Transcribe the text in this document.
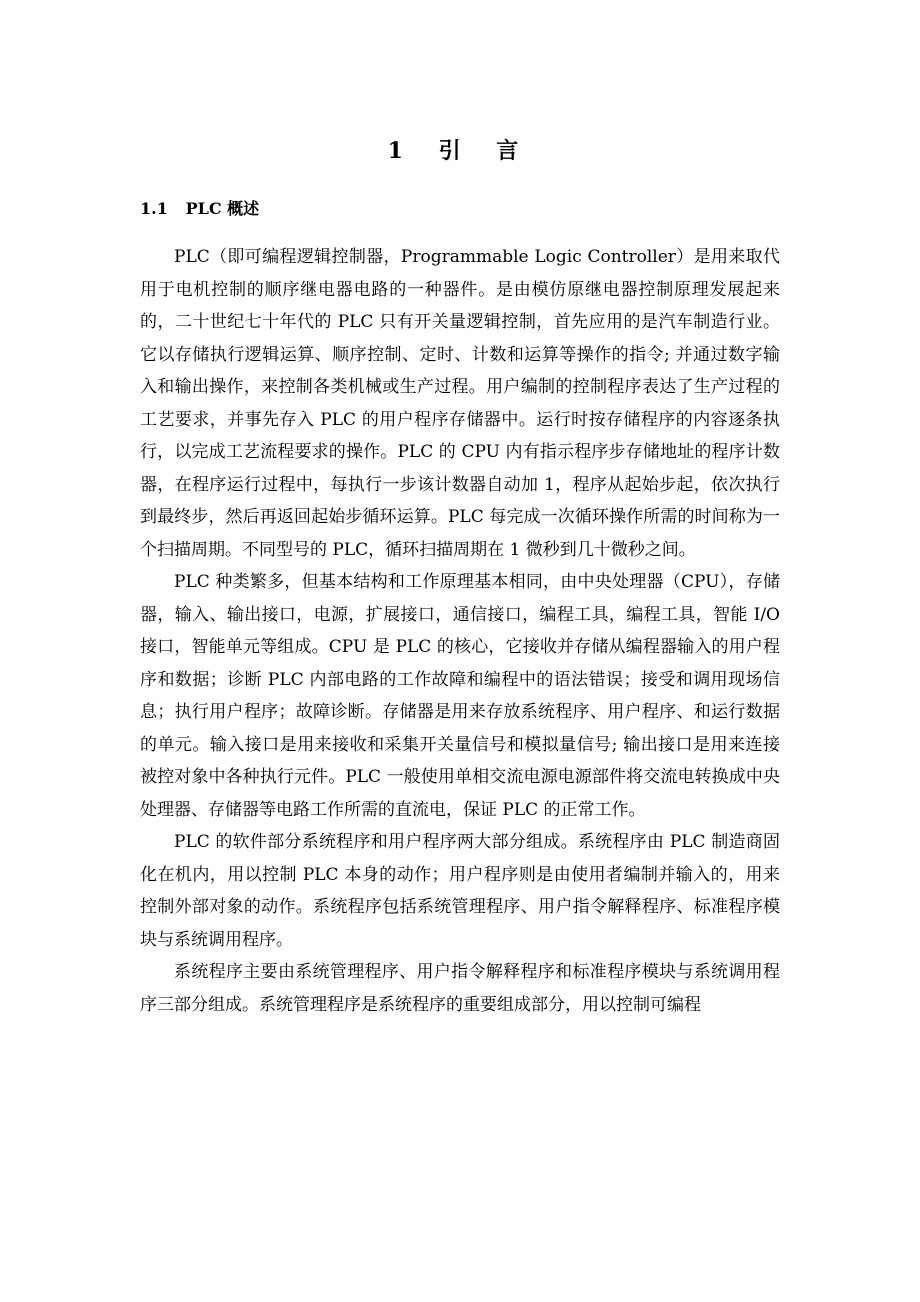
1 引 言
1.1 PLC 概述

PLC（即可编程逻辑控制器，Programmable Logic Controller）是用来取代用于电机控制的顺序继电器电路的一种器件。是由模仿原继电器控制原理发展起来的，二十世纪七十年代的 PLC 只有开关量逻辑控制，首先应用的是汽车制造行业。它以存储执行逻辑运算、顺序控制、定时、计数和运算等操作的指令; 并通过数字输入和输出操作，来控制各类机械或生产过程。用户编制的控制程序表达了生产过程的工艺要求，并事先存入 PLC 的用户程序存储器中。运行时按存储程序的内容逐条执行，以完成工艺流程要求的操作。PLC 的 CPU 内有指示程序步存储地址的程序计数器，在程序运行过程中，每执行一步该计数器自动加 1，程序从起始步起，依次执行到最终步，然后再返回起始步循环运算。PLC 每完成一次循环操作所需的时间称为一个扫描周期。不同型号的 PLC，循环扫描周期在 1 微秒到几十微秒之间。

PLC 种类繁多，但基本结构和工作原理基本相同，由中央处理器（CPU），存储器，输入、输出接口，电源，扩展接口，通信接口，编程工具，编程工具，智能 I/O 接口，智能单元等组成。CPU 是 PLC 的核心，它接收并存储从编程器输入的用户程序和数据；诊断 PLC 内部电路的工作故障和编程中的语法错误；接受和调用现场信息；执行用户程序；故障诊断。存储器是用来存放系统程序、用户程序、和运行数据的单元。输入接口是用来接收和采集开关量信号和模拟量信号; 输出接口是用来连接被控对象中各种执行元件。PLC 一般使用单相交流电源电源部件将交流电转换成中央处理器、存储器等电路工作所需的直流电，保证 PLC 的正常工作。

PLC 的软件部分系统程序和用户程序两大部分组成。系统程序由 PLC 制造商固化在机内，用以控制 PLC 本身的动作；用户程序则是由使用者编制并输入的，用来控制外部对象的动作。系统程序包括系统管理程序、用户指令解释程序、标准程序模块与系统调用程序。

系统程序主要由系统管理程序、用户指令解释程序和标准程序模块与系统调用程序三部分组成。系统管理程序是系统程序的重要组成部分，用以控制可编程
